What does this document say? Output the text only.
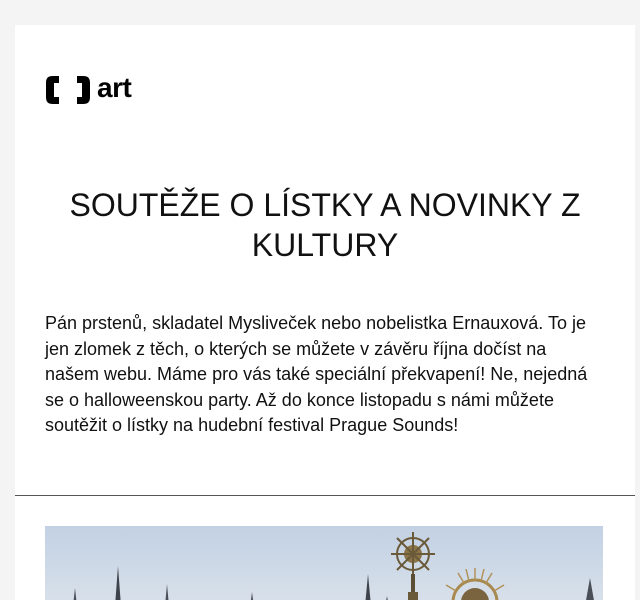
art
SOUTĚŽE O LÍSTKY A NOVINKY Z KULTURY

Pán prstenů, skladatel Mysliveček nebo nobelistka Ernauxová. To je jen zlomek z těch, o kterých se můžete v závěru října dočíst na našem webu. Máme pro vás také speciální překvapení! Ne, nejedná se o halloweenskou party. Až do konce listopadu s námi můžete soutěžit o lístky na hudební festival Prague Sounds!
